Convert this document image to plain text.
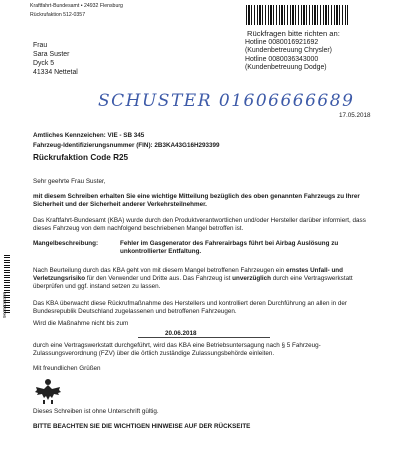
Kraftfahrt-Bundesamt • 24932 Flensburg
Rückrufaktion 512-0357
Frau
Sara Suster
Dyck 5
41334 Nettetal
Rückfragen bitte richten an:
Hotline 0080016921692
(Kundenbetreuung Chrysler)
Hotline 0080036343000
(Kundenbetreuung Dodge)
SCHUSTER 01606666689
17.05.2018
Amtliches Kennzeichen: VIE - SB 345
Fahrzeug-Identifizierungsnummer (FIN): 2B3KA43G16H293399
Rückrufaktion Code R25
Sehr geehrte Frau Suster,
mit diesem Schreiben erhalten Sie eine wichtige Mitteilung bezüglich des oben genannten Fahrzeugs zu Ihrer Sicherheit und der Sicherheit anderer Verkehrsteilnehmer.
Das Kraftfahrt-Bundesamt (KBA) wurde durch den Produktverantwortlichen und/oder Hersteller darüber informiert, dass dieses Fahrzeug von dem nachfolgend beschriebenen Mangel betroffen ist.
Mangelbeschreibung:	Fehler im Gasgenerator des Fahrerairbags führt bei Airbag Auslösung zu unkontrollierter Entfaltung.
Nach Beurteilung durch das KBA geht von mit diesem Mangel betroffenen Fahrzeugen ein ernstes Unfall- und Verletzungsrisiko für den Verwender und Dritte aus. Das Fahrzeug ist unverzüglich durch eine Vertragswerkstatt überprüfen und ggf. instand setzen zu lassen.
Das KBA überwacht diese Rückrufmaßnahme des Herstellers und kontrolliert deren Durchführung an allen in der Bundesrepublik Deutschland zugelassenen und betroffenen Fahrzeugen.
Wird die Maßnahme nicht bis zum
20.06.2018
durch eine Vertragswerkstatt durchgeführt, wird das KBA eine Betriebsuntersagung nach § 5 Fahrzeug-Zulassungsverordnung (FZV) über die örtlich zuständige Zulassungsbehörde einleiten.
Mit freundlichen Grüßen
Dieses Schreiben ist ohne Unterschrift gültig.
BITTE BEACHTEN SIE DIE WICHTIGEN HINWEISE AUF DER RÜCKSEITE
9K09830399
